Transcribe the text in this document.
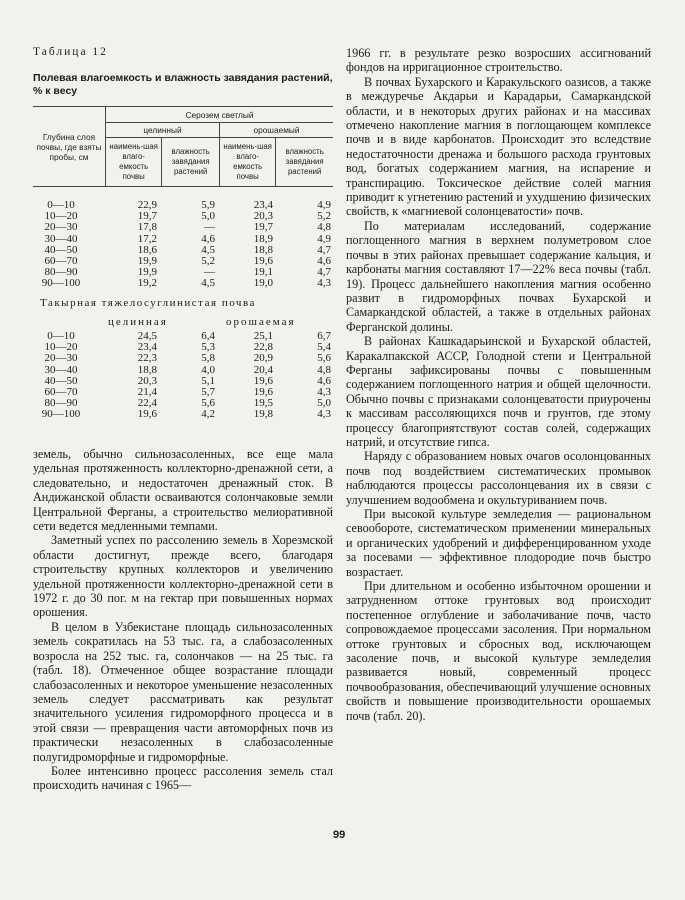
Таблица 12
Полевая влагоемкость и влажность завядания растений, % к весу
Глубина слоя почвы, где взяты пробы, см	Серозем светлый			
	целинный		орошаемый	
	наимень-шая влаго-емкость почвы	влажность завядания растений	наимень-шая влаго-емкость почвы	влажность завядания растений
0—10	22,9	5,9	23,4	4,9
10—20	19,7	5,0	20,3	5,2
20—30	17,8	—	19,7	4,8
30—40	17,2	4,6	18,9	4,9
40—50	18,6	4,5	18,8	4,7
60—70	19,9	5,2	19,6	4,6
80—90	19,9	—	19,1	4,7
90—100	19,2	4,5	19,0	4,3
Такырная тяжелосуглинистая почва
целинная	орошаемая
0—10	24,5	6,4	25,1	6,7
10—20	23,4	5,3	22,8	5,4
20—30	22,3	5,8	20,9	5,6
30—40	18,8	4,0	20,4	4,8
40—50	20,3	5,1	19,6	4,6
60—70	21,4	5,7	19,6	4,3
80—90	22,4	5,6	19,5	5,0
90—100	19,6	4,2	19,8	4,3

земель, обычно сильнозасоленных, все еще мала удельная протяженность коллекторно-дренажной сети, а следовательно, и недостаточен дренажный сток. В Андижанской области осваиваются солончаковые земли Центральной Ферганы, а строительство мелиоративной сети ведется медленными темпами.

Заметный успех по рассолению земель в Хорезмской области достигнут, прежде всего, благодаря строительству крупных коллекторов и увеличению удельной протяженности коллекторно-дренажной сети в 1972 г. до 30 пог. м на гектар при повышенных нормах орошения.

В целом в Узбекистане площадь сильнозасоленных земель сократилась на 53 тыс. га, а слабозасоленных возросла на 252 тыс. га, солончаков — на 25 тыс. га (табл. 18). Отмеченное общее возрастание площади слабозасоленных и некоторое уменьшение незасоленных земель следует рассматривать как результат значительного усиления гидроморфного процесса и в этой связи — превращения части автоморфных почв из практически незасоленных в слабозасоленные полугидроморфные и гидроморфные.

Более интенсивно процесс рассоления земель стал происходить начиная с 1965—

1966 гг. в результате резко возросших ассигнований фондов на ирригационное строительство.

В почвах Бухарского и Каракульского оазисов, а также в междуречье Акдарьи и Карадарьи, Самаркандской области, и в некоторых других районах и на массивах отмечено накопление магния в поглощающем комплексе почв и в виде карбонатов. Происходит это вследствие недостаточности дренажа и большого расхода грунтовых вод, богатых содержанием магния, на испарение и транспирацию. Токсическое действие солей магния приводит к угнетению растений и ухудшению физических свойств, к «магниевой солонцеватости» почв.

По материалам исследований, содержание поглощенного магния в верхнем полуметровом слое почвы в этих районах превышает содержание кальция, и карбонаты магния составляют 17—22% веса почвы (табл. 19). Процесс дальнейшего накопления магния особенно развит в гидроморфных почвах Бухарской и Самаркандской областей, а также в отдельных районах Ферганской долины.

В районах Кашкадарьинской и Бухарской областей, Каракалпакской АССР, Голодной степи и Центральной Ферганы зафиксированы почвы с повышенным содержанием поглощенного натрия и общей щелочности. Обычно почвы с признаками солонцеватости приурочены к массивам рассоляющихся почв и грунтов, где этому процессу благоприятствуют состав солей, содержащих натрий, и отсутствие гипса.

Наряду с образованием новых очагов осолонцованных почв под воздействием систематических промывок наблюдаются процессы рассолонцевания их в связи с улучшением водообмена и окультуриванием почв.

При высокой культуре земледелия — рациональном севообороте, систематическом применении минеральных и органических удобрений и дифференцированном уходе за посевами — эффективное плодородие почв быстро возрастает.

При длительном и особенно избыточном орошении и затрудненном оттоке грунтовых вод происходит постепенное оглубление и заболачивание почв, часто сопровождаемое процессами засоления. При нормальном оттоке грунтовых и сбросных вод, исключающем засоление почв, и высокой культуре земледелия развивается новый, современный процесс почвообразования, обеспечивающий улучшение основных свойств и повышение производительности орошаемых почв (табл. 20).

99
